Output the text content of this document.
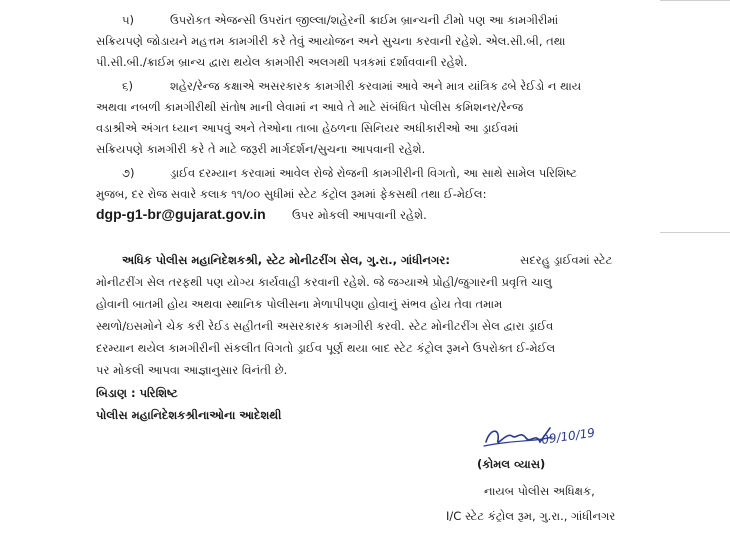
૫)	ઉપરોકત એજન્સી ઉપરાંત જીલ્લા/શહેરની ક્રાઈમ બ્રાન્ચની ટીમો પણ આ કામગીરીમાં
સક્રિયપણે જોડાયને મહત્તમ કામગીરી કરે તેવું આયોજન અને સુચના કરવાની રહેશે. એલ.સી.બી, તથા
પી.સી.બી./ક્રાઈમ બ્રાન્ચ દ્વારા થયેલ કામગીરી અલગથી પત્રકમાં દર્શાવવાની રહેશે.
૬)	શહેર/રેન્જ કક્ષાએ અસરકારક કામગીરી કરવામાં આવે અને માત્ર યાંત્રિક ઢબે રેઈડો ન થાય
અથવા નબળી કામગીરીથી સંતોષ માની લેવામાં ન આવે તે માટે સંબંધિત પોલીસ કમિશનર/રેન્જ
વડાશ્રીએ અંગત ધ્યાન આપવું અને તેઓના તાબા હેઠળના સિનિયર અધીકારીઓ આ ડ્રાઈવમાં
સક્રિયપણે કામગીરી કરે તે માટે જરૂરી માર્ગદર્શન/સુચના આપવાની રહેશે.
૭)	ડ્રાઈવ દરમ્યાન કરવામાં આવેલ રોજે રોજની કામગીરીની વિગતો, આ સાથે સામેલ પરિશિષ્ટ
મુજબ, દર રોજ સવારે કલાક ૧૧/૦૦ સુધીમાં સ્ટેટ કંટ્રોલ રૂમમાં ફેકસથી તથા ઈ-મેઈલ:
dgp-g1-br@gujarat.gov.in ઉપર મોકલી આપવાની રહેશે.
અધિક પોલીસ મહાનિદેશકશ્રી, સ્ટેટ મોનીટરીંગ સેલ, ગુ.રા., ગાંધીનગર:	સદરહુ ડ્રાઈવમાં સ્ટેટ
મોનીટરીંગ સેલ તરફથી પણ યોગ્ય કાર્યવાહી કરવાની રહેશે. જે જગ્યાએ પ્રોહી/જુગારની પ્રવૃત્તિ ચાલુ
હોવાની બાતમી હોય અથવા સ્થાનિક પોલીસના મેળાપીપણા હોવાનું સંભવ હોય તેવા તમામ
સ્થળો/ઇસમોને ચેક કરી રેઈડ સહીતની અસરકારક કામગીરી કરવી. સ્ટેટ મોનીટરીંગ સેલ દ્વારા ડ્રાઈવ
દરમ્યાન થયેલ કામગીરીની સંકલીત વિગતો ડ્રાઈવ પૂર્ણ થયા બાદ સ્ટેટ કંટ્રોલ રૂમને ઉપરોક્ત ઈ-મેઈલ
પર મોકલી આપવા આજ્ઞાનુસાર વિનંતી છે.
બિડાણ : પરિશિષ્ટ
પોલીસ મહાનિદેશકશ્રીનાઓના આદેશથી
09/10/19
(કોમલ વ્યાસ)
નાયબ પોલીસ અધિક્ષક,
I/C સ્ટેટ કંટ્રોલ રૂમ, ગુ.રા., ગાંધીનગર
